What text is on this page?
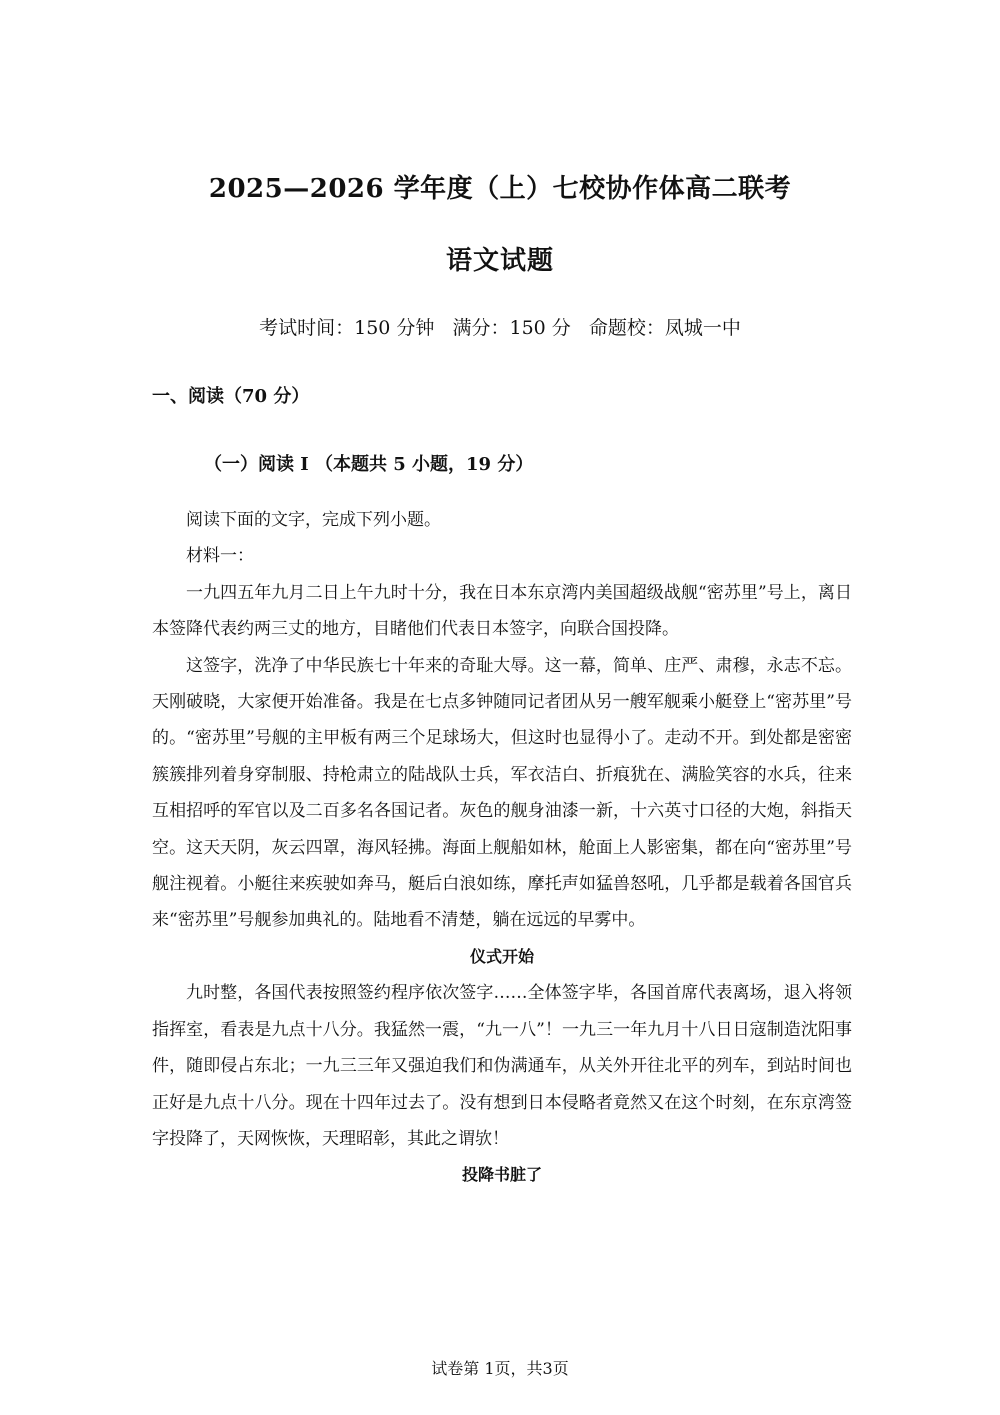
2025—2026 学年度（上）七校协作体高二联考
语文试题
考试时间：150 分钟 满分：150 分 命题校：凤城一中
一、阅读（70 分）
（一）阅读 I （本题共 5 小题，19 分）

阅读下面的文字，完成下列小题。

材料一：

一九四五年九月二日上午九时十分，我在日本东京湾内美国超级战舰“密苏里”号上，离日本签降代表约两三丈的地方，目睹他们代表日本签字，向联合国投降。

这签字，洗净了中华民族七十年来的奇耻大辱。这一幕，简单、庄严、肃穆，永志不忘。天刚破晓，大家便开始准备。我是在七点多钟随同记者团从另一艘军舰乘小艇登上“密苏里”号的。“密苏里”号舰的主甲板有两三个足球场大，但这时也显得小了。走动不开。到处都是密密簇簇排列着身穿制服、持枪肃立的陆战队士兵，军衣洁白、折痕犹在、满脸笑容的水兵，往来互相招呼的军官以及二百多名各国记者。灰色的舰身油漆一新，十六英寸口径的大炮，斜指天空。这天天阴，灰云四罩，海风轻拂。海面上舰船如林，舱面上人影密集，都在向“密苏里”号舰注视着。小艇往来疾驶如奔马，艇后白浪如练，摩托声如猛兽怒吼，几乎都是载着各国官兵来“密苏里”号舰参加典礼的。陆地看不清楚，躺在远远的早雾中。

仪式开始

九时整，各国代表按照签约程序依次签字……全体签字毕，各国首席代表离场，退入将领指挥室，看表是九点十八分。我猛然一震，“九一八”！一九三一年九月十八日日寇制造沈阳事件，随即侵占东北；一九三三年又强迫我们和伪满通车，从关外开往北平的列车，到站时间也正好是九点十八分。现在十四年过去了。没有想到日本侵略者竟然又在这个时刻，在东京湾签字投降了，天网恢恢，天理昭彰，其此之谓欤！

投降书脏了

试卷第 1页，共3页
